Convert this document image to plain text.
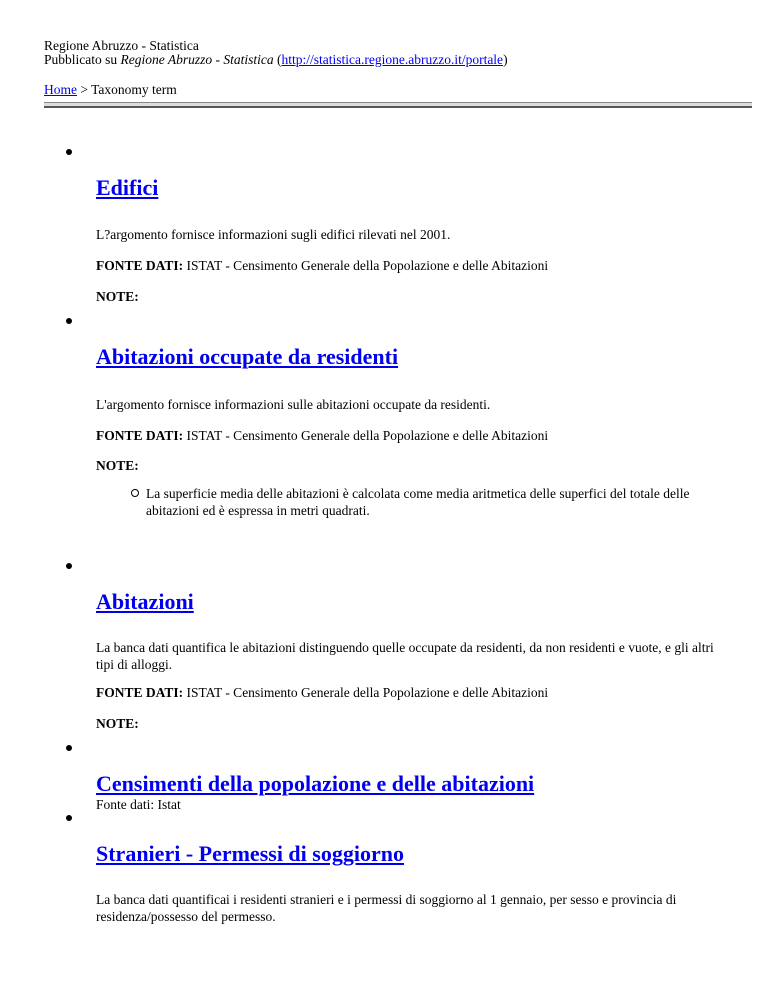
Regione Abruzzo - Statistica
Pubblicato su Regione Abruzzo - Statistica (http://statistica.regione.abruzzo.it/portale)
Home > Taxonomy term
Edifici

L?argomento fornisce informazioni sugli edifici rilevati nel 2001.

FONTE DATI: ISTAT - Censimento Generale della Popolazione e delle Abitazioni

NOTE:

Abitazioni occupate da residenti

L'argomento fornisce informazioni sulle abitazioni occupate da residenti.

FONTE DATI: ISTAT - Censimento Generale della Popolazione e delle Abitazioni

NOTE:

La superficie media delle abitazioni è calcolata come media aritmetica delle superfici del totale delle abitazioni ed è espressa in metri quadrati.
Abitazioni

La banca dati quantifica le abitazioni distinguendo quelle occupate da residenti, da non residenti e vuote, e gli altri tipi di alloggi.

FONTE DATI: ISTAT - Censimento Generale della Popolazione e delle Abitazioni

NOTE:

Censimenti della popolazione e delle abitazioni

Fonte dati: Istat

Stranieri - Permessi di soggiorno

La banca dati quantificai i residenti stranieri e i permessi di soggiorno al 1 gennaio, per sesso e provincia di residenza/possesso del permesso.
